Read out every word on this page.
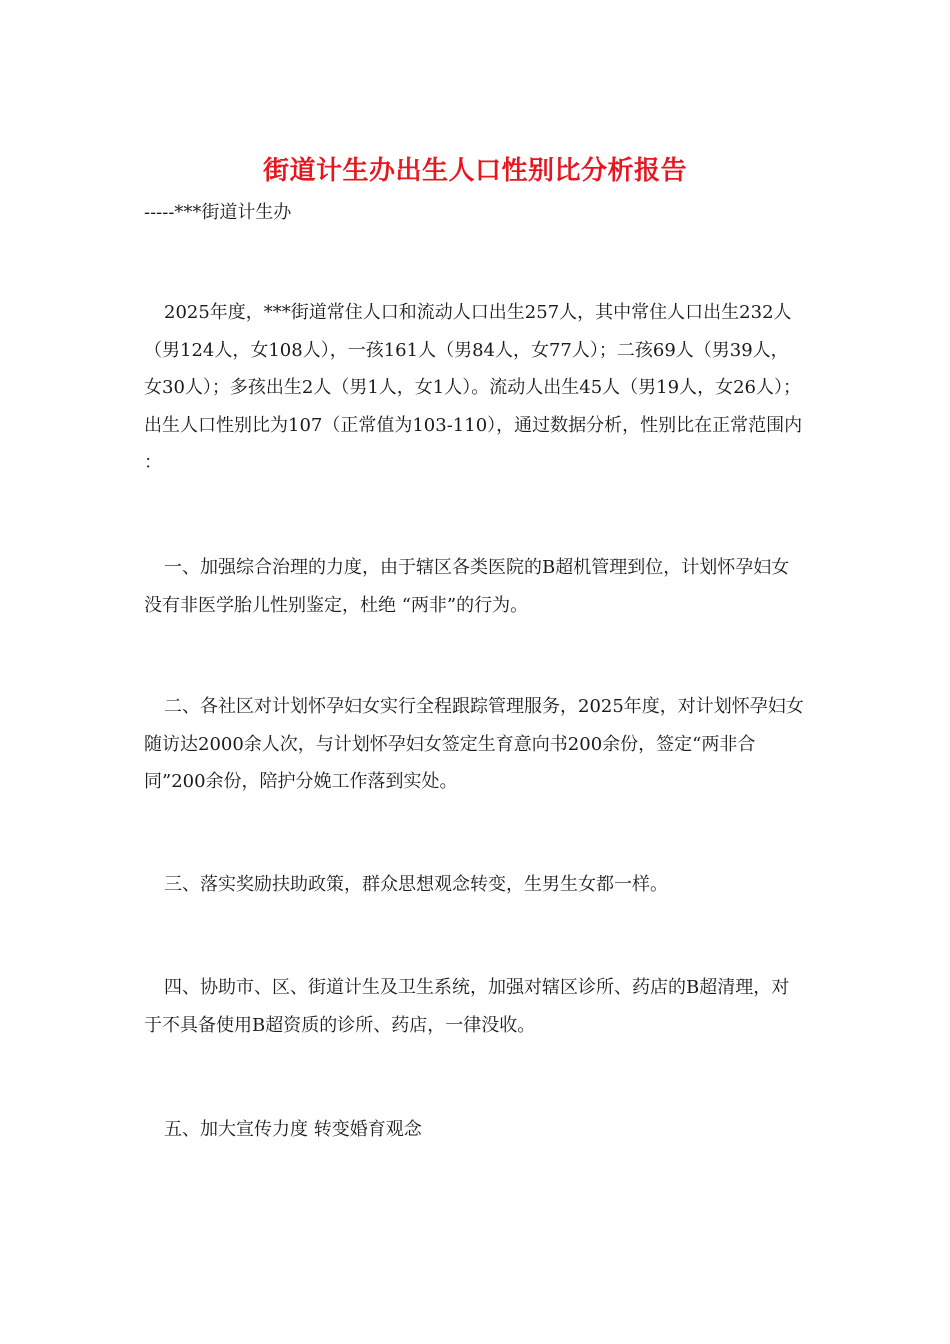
街道计生办出生人口性别比分析报告
-----***街道计生办

2025年度，***街道常住人口和流动人口出生257人，其中常住人口出生232人（男124人，女108人），一孩161人（男84人，女77人）；二孩69人（男39人，女30人）；多孩出生2人（男1人，女1人）。流动人出生45人（男19人，女26人）；出生人口性别比为107（正常值为103-110），通过数据分析，性别比在正常范围内 ：

一、加强综合治理的力度，由于辖区各类医院的B超机管理到位，计划怀孕妇女没有非医学胎儿性别鉴定，杜绝 “两非”的行为。

二、各社区对计划怀孕妇女实行全程跟踪管理服务，2025年度，对计划怀孕妇女随访达2000余人次，与计划怀孕妇女签定生育意向书200余份，签定“两非合同”200余份，陪护分娩工作落到实处。

三、落实奖励扶助政策，群众思想观念转变，生男生女都一样。

四、协助市、区、街道计生及卫生系统，加强对辖区诊所、药店的B超清理，对于不具备使用B超资质的诊所、药店，一律没收。

五、加大宣传力度 转变婚育观念
